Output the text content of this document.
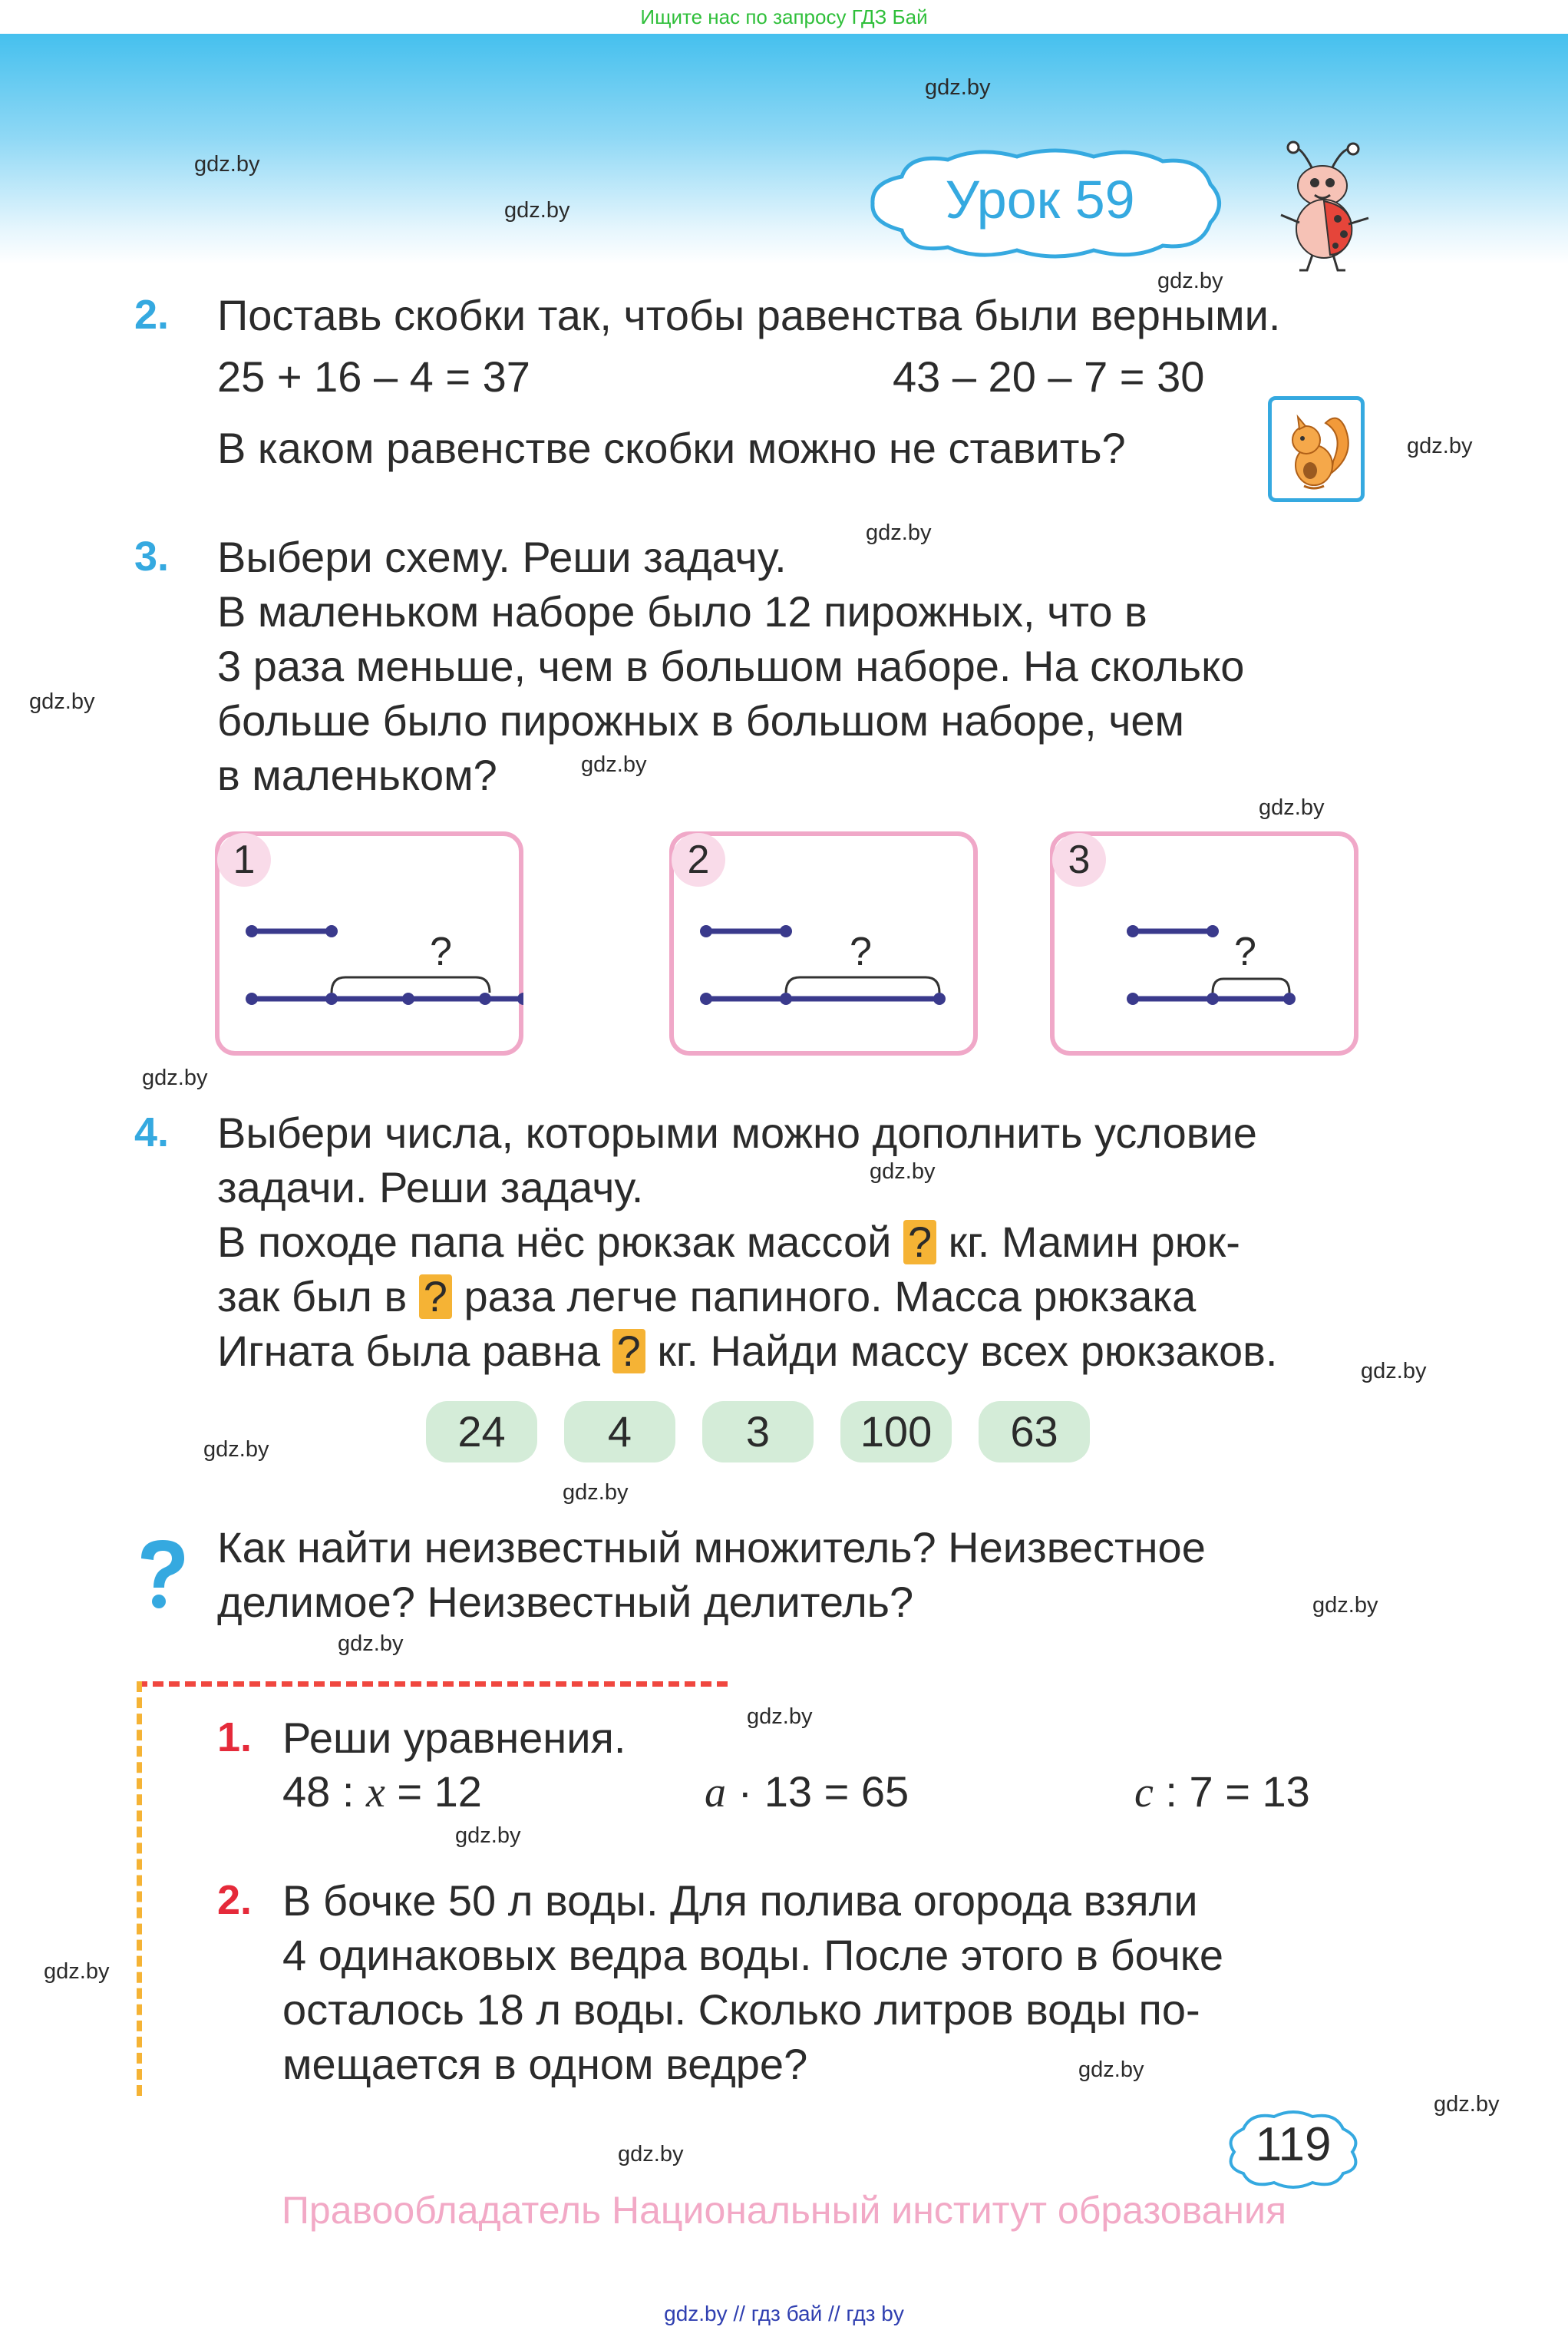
Ищите нас по запросу ГДЗ Бай
gdz.by
gdz.by
gdz.by
gdz.by
gdz.by
gdz.by
gdz.by
gdz.by
gdz.by
gdz.by
gdz.by
gdz.by
gdz.by
gdz.by
gdz.by
gdz.by
gdz.by
gdz.by
gdz.by
gdz.by
gdz.by
gdz.by
Урок 59
2. Поставь скобки так, чтобы равенства были верными.
25 + 16 – 4 = 37	43 – 20 – 7 = 30
В каком равенстве скобки можно не ставить?
3. Выбери схему. Реши задачу.
В маленьком наборе было 12 пирожных, что в
3 раза меньше, чем в большом наборе. На сколько
больше было пирожных в большом наборе, чем
в маленьком?
1
?
2
?
3
?
4. Выбери числа, которыми можно дополнить условие
задачи. Реши задачу.
В походе папа нёс рюкзак массой ? кг. Мамин рюк-
зак был в ? раза легче папиного. Масса рюкзака
Игната была равна ? кг. Найди массу всех рюкзаков.
24	4	3	100	63
Как найти неизвестный множитель? Неизвестное
делимое? Неизвестный делитель?
1. Реши уравнения.
48 : x = 12	a · 13 = 65	c : 7 = 13
2. В бочке 50 л воды. Для полива огорода взяли
4 одинаковых ведра воды. После этого в бочке
осталось 18 л воды. Сколько литров воды по-
мещается в одном ведре?
119
Правообладатель Национальный институт образования
gdz.by // гдз бай // гдз by
